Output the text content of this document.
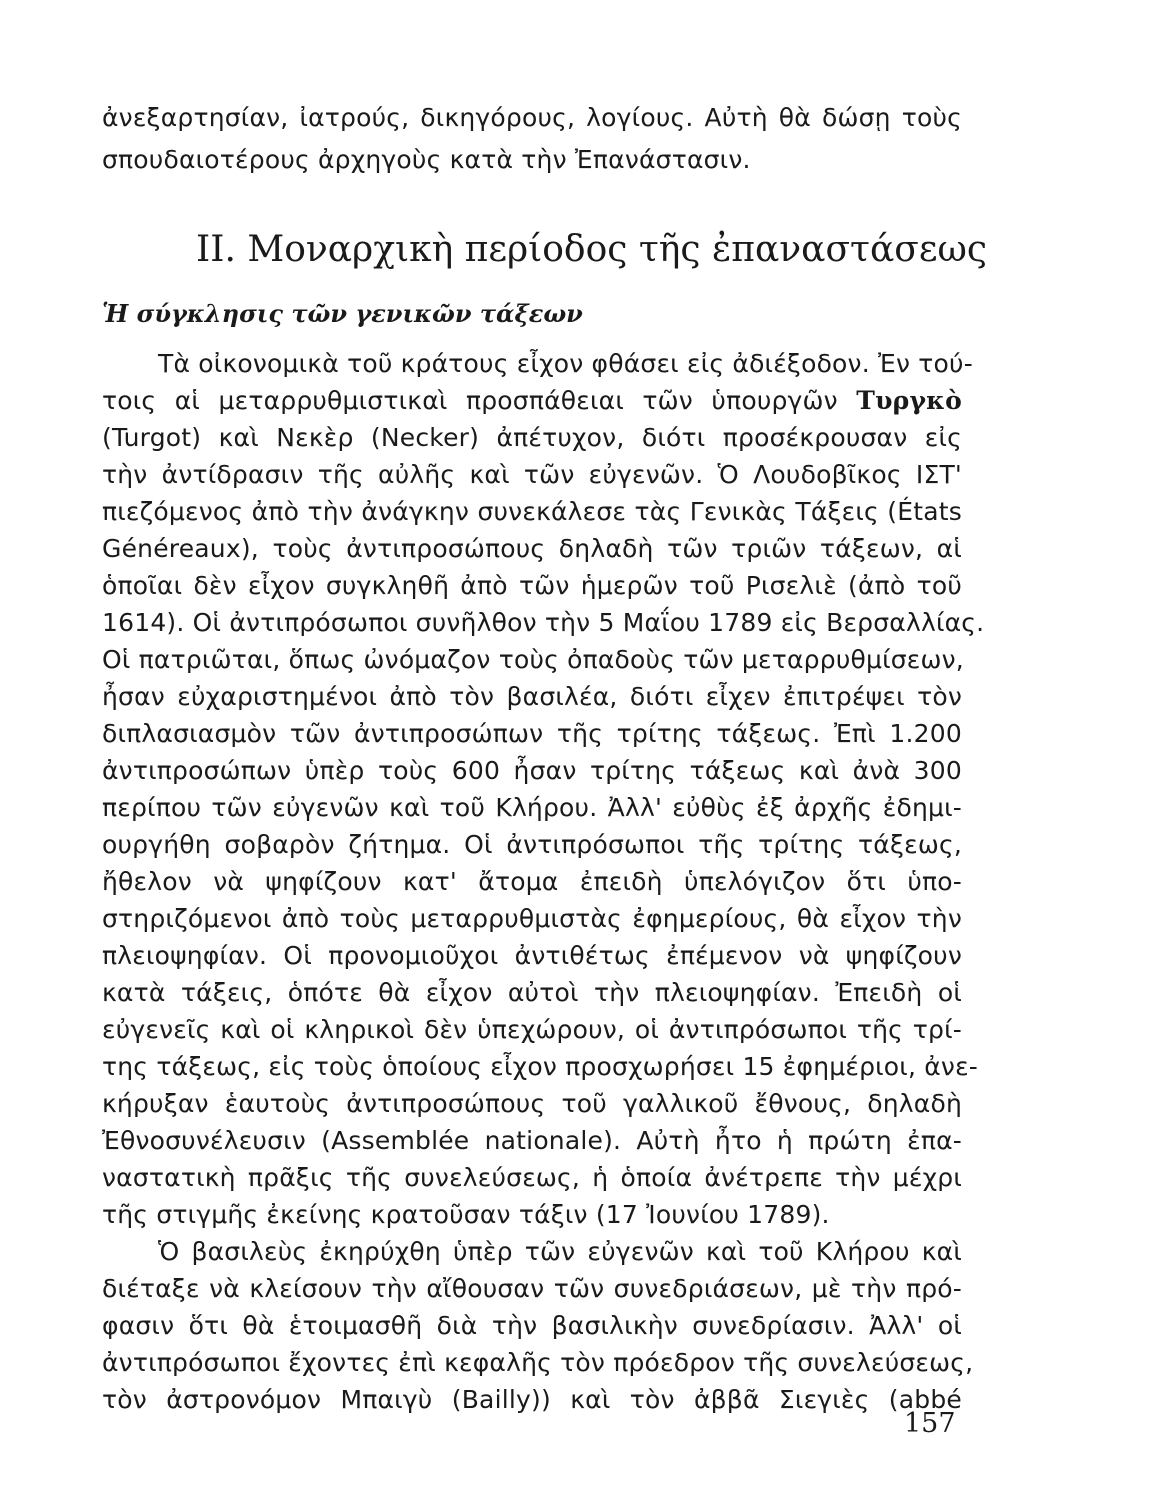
ἀνεξαρτησίαν, ἰατρούς, δικηγόρους, λογίους. Αὐτὴ θὰ δώσῃ τοὺς
σπουδαιοτέρους ἀρχηγοὺς κατὰ τὴν Ἐπανάστασιν.
II. Μοναρχικὴ περίοδος τῆς ἐπαναστάσεως
Ἡ σύγκλησις τῶν γενικῶν τάξεων
Τὰ οἰκονομικὰ τοῦ κράτους εἶχον φθάσει εἰς ἀδιέξοδον. Ἐν τού-
τοις αἱ μεταρρυθμιστικαὶ προσπάθειαι τῶν ὑπουργῶν Τυργκὸ
(Turgot) καὶ Νεκὲρ (Necker) ἀπέτυχον, διότι προσέκρουσαν εἰς
τὴν ἀντίδρασιν τῆς αὐλῆς καὶ τῶν εὐγενῶν. Ὁ Λουδοβῖκος ΙΣΤ'
πιεζόμενος ἀπὸ τὴν ἀνάγκην συνεκάλεσε τὰς Γενικὰς Τάξεις (États
Généreaux), τοὺς ἀντιπροσώπους δηλαδὴ τῶν τριῶν τάξεων, αἱ
ὁποῖαι δὲν εἶχον συγκληθῆ ἀπὸ τῶν ἡμερῶν τοῦ Ρισελιὲ (ἀπὸ τοῦ
1614). Οἱ ἀντιπρόσωποι συνῆλθον τὴν 5 Μαΐου 1789 εἰς Βερσαλλίας.
Οἱ πατριῶται, ὅπως ὠνόμαζον τοὺς ὀπαδοὺς τῶν μεταρρυθμίσεων,
ἦσαν εὐχαριστημένοι ἀπὸ τὸν βασιλέα, διότι εἶχεν ἐπιτρέψει τὸν
διπλασιασμὸν τῶν ἀντιπροσώπων τῆς τρίτης τάξεως. Ἐπὶ 1.200
ἀντιπροσώπων ὑπὲρ τοὺς 600 ἦσαν τρίτης τάξεως καὶ ἀνὰ 300
περίπου τῶν εὐγενῶν καὶ τοῦ Κλήρου. Ἀλλ' εὐθὺς ἐξ ἀρχῆς ἐδημι-
ουργήθη σοβαρὸν ζήτημα. Οἱ ἀντιπρόσωποι τῆς τρίτης τάξεως,
ἤθελον νὰ ψηφίζουν κατ' ἄτομα ἐπειδὴ ὑπελόγιζον ὅτι ὑπο-
στηριζόμενοι ἀπὸ τοὺς μεταρρυθμιστὰς ἐφημερίους, θὰ εἶχον τὴν
πλειοψηφίαν. Οἱ προνομιοῦχοι ἀντιθέτως ἐπέμενον νὰ ψηφίζουν
κατὰ τάξεις, ὁπότε θὰ εἶχον αὐτοὶ τὴν πλειοψηφίαν. Ἐπειδὴ οἱ
εὐγενεῖς καὶ οἱ κληρικοὶ δὲν ὑπεχώρουν, οἱ ἀντιπρόσωποι τῆς τρί-
της τάξεως, εἰς τοὺς ὁποίους εἶχον προσχωρήσει 15 ἐφημέριοι, ἀνε-
κήρυξαν ἑαυτοὺς ἀντιπροσώπους τοῦ γαλλικοῦ ἔθνους, δηλαδὴ
Ἐθνοσυνέλευσιν (Assemblée nationale). Αὐτὴ ἦτο ἡ πρώτη ἐπα-
ναστατικὴ πρᾶξις τῆς συνελεύσεως, ἡ ὁποία ἀνέτρεπε τὴν μέχρι
τῆς στιγμῆς ἐκείνης κρατοῦσαν τάξιν (17 Ἰουνίου 1789).
Ὁ βασιλεὺς ἐκηρύχθη ὑπὲρ τῶν εὐγενῶν καὶ τοῦ Κλήρου καὶ
διέταξε νὰ κλείσουν τὴν αἴθουσαν τῶν συνεδριάσεων, μὲ τὴν πρό-
φασιν ὅτι θὰ ἑτοιμασθῆ διὰ τὴν βασιλικὴν συνεδρίασιν. Ἀλλ' οἱ
ἀντιπρόσωποι ἔχοντες ἐπὶ κεφαλῆς τὸν πρόεδρον τῆς συνελεύσεως,
τὸν ἀστρονόμον Μπαιγὺ (Bailly)) καὶ τὸν ἀββᾶ Σιεγιὲς (abbé
157
